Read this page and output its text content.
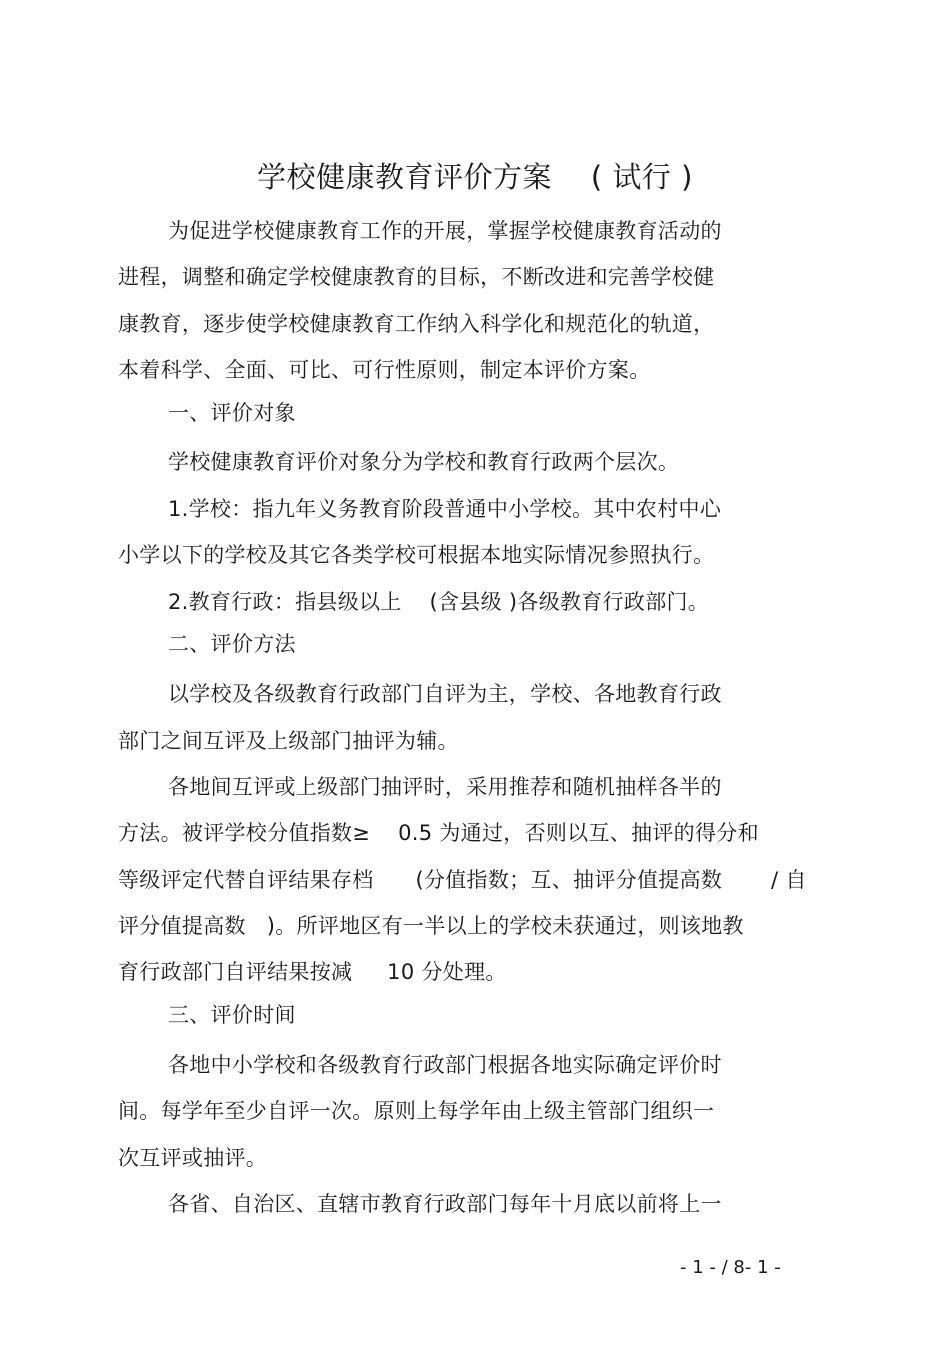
学校健康教育评价方案    ( 试行 )
为促进学校健康教育工作的开展，掌握学校健康教育活动的
进程，调整和确定学校健康教育的目标，不断改进和完善学校健
康教育，逐步使学校健康教育工作纳入科学化和规范化的轨道，
本着科学、全面、可比、可行性原则，制定本评价方案。
一、评价对象
学校健康教育评价对象分为学校和教育行政两个层次。
1.学校：指九年义务教育阶段普通中小学校。其中农村中心
小学以下的学校及其它各类学校可根据本地实际情况参照执行。
2.教育行政：指县级以上    (含县级 )各级教育行政部门。
二、评价方法
以学校及各级教育行政部门自评为主，学校、各地教育行政
部门之间互评及上级部门抽评为辅。
各地间互评或上级部门抽评时，采用推荐和随机抽样各半的
方法。被评学校分值指数≥    0.5 为通过，否则以互、抽评的得分和
等级评定代替自评结果存档      (分值指数；互、抽评分值提高数       / 自
评分值提高数   )。所评地区有一半以上的学校未获通过，则该地教
育行政部门自评结果按减     10 分处理。
三、评价时间
各地中小学校和各级教育行政部门根据各地实际确定评价时
间。每学年至少自评一次。原则上每学年由上级主管部门组织一
次互评或抽评。
各省、自治区、直辖市教育行政部门每年十月底以前将上一
- 1 - / 8- 1 -
